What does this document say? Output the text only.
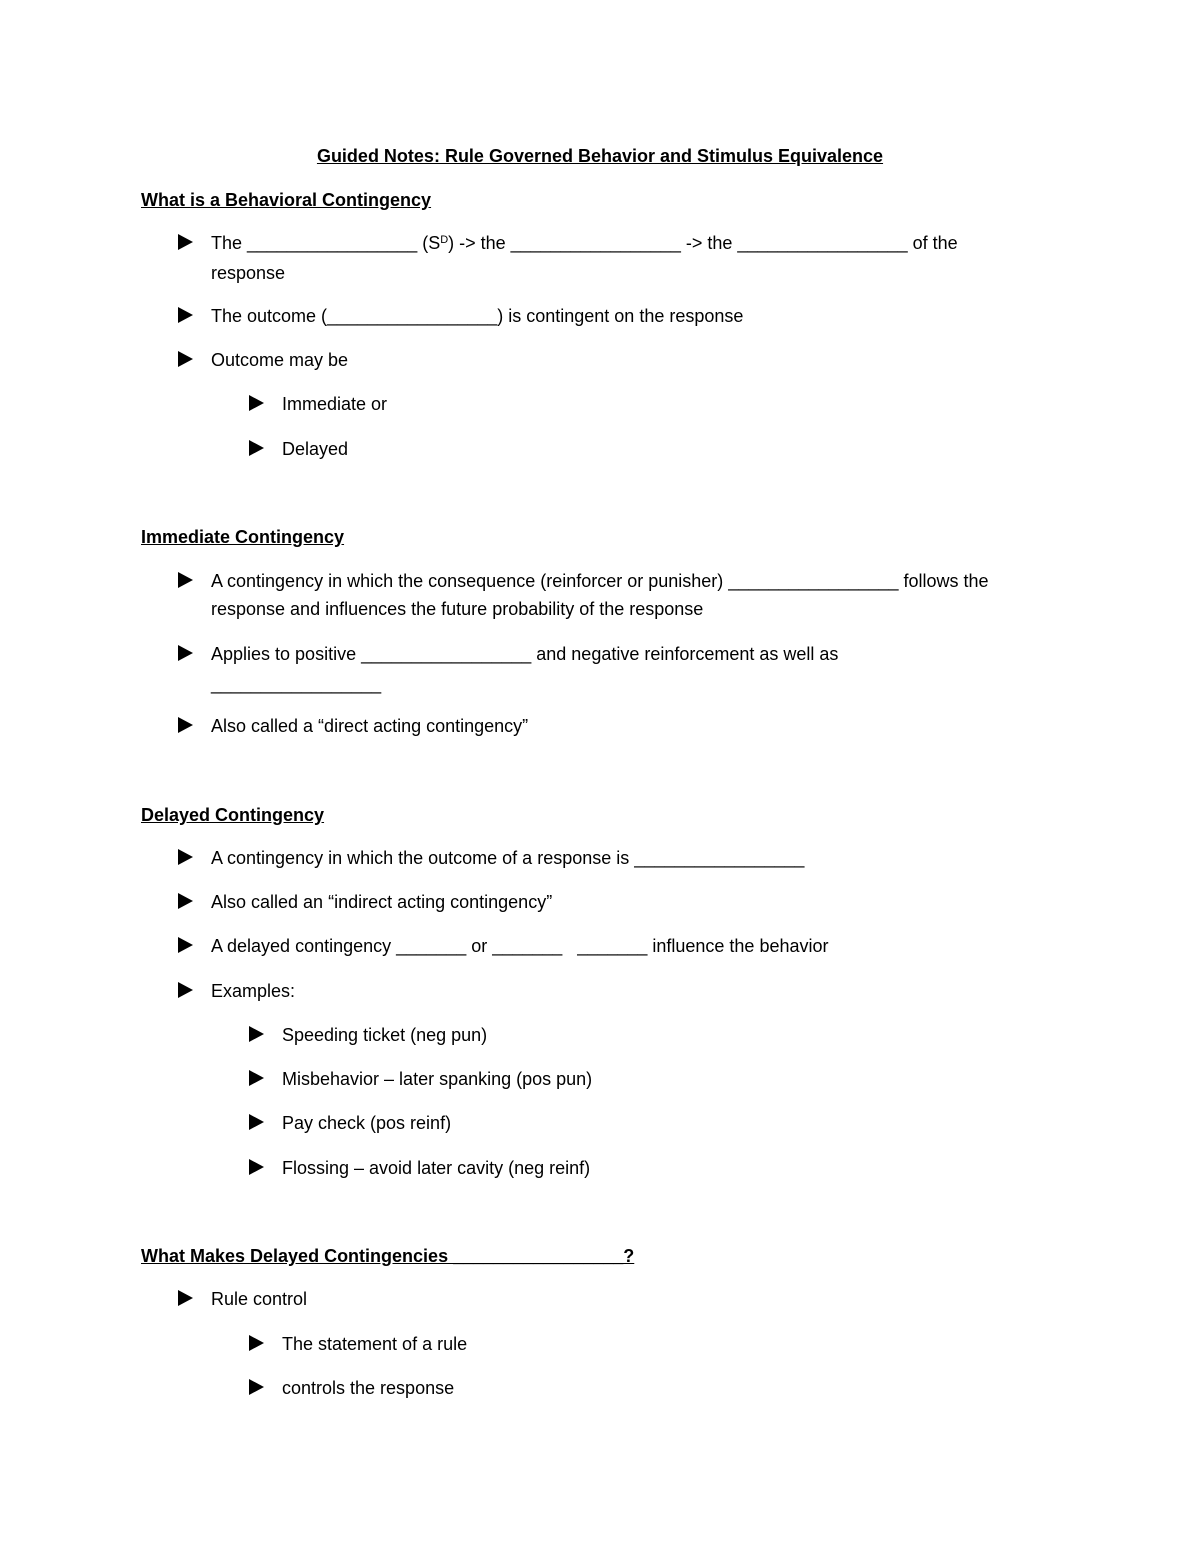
Guided Notes: Rule Governed Behavior and Stimulus Equivalence
What is a Behavioral Contingency
The _________________ $(S^D)$ -> the _________________ -> the _________________ of the
response
The outcome (_________________) is contingent on the response
Outcome may be
Immediate or
Delayed
Immediate Contingency
A contingency in which the consequence (reinforcer or punisher) _________________ follows the
response and influences the future probability of the response
Applies to positive _________________ and negative reinforcement as well as
_________________
Also called a “direct acting contingency”
Delayed Contingency
A contingency in which the outcome of a response is _________________
Also called an “indirect acting contingency”
A delayed contingency _______ or _______   _______ influence the behavior
Examples:
Speeding ticket (neg pun)
Misbehavior – later spanking (pos pun)
Pay check (pos reinf)
Flossing – avoid later cavity (neg reinf)
What Makes Delayed Contingencies _________________?
Rule control
The statement of a rule
controls the response
